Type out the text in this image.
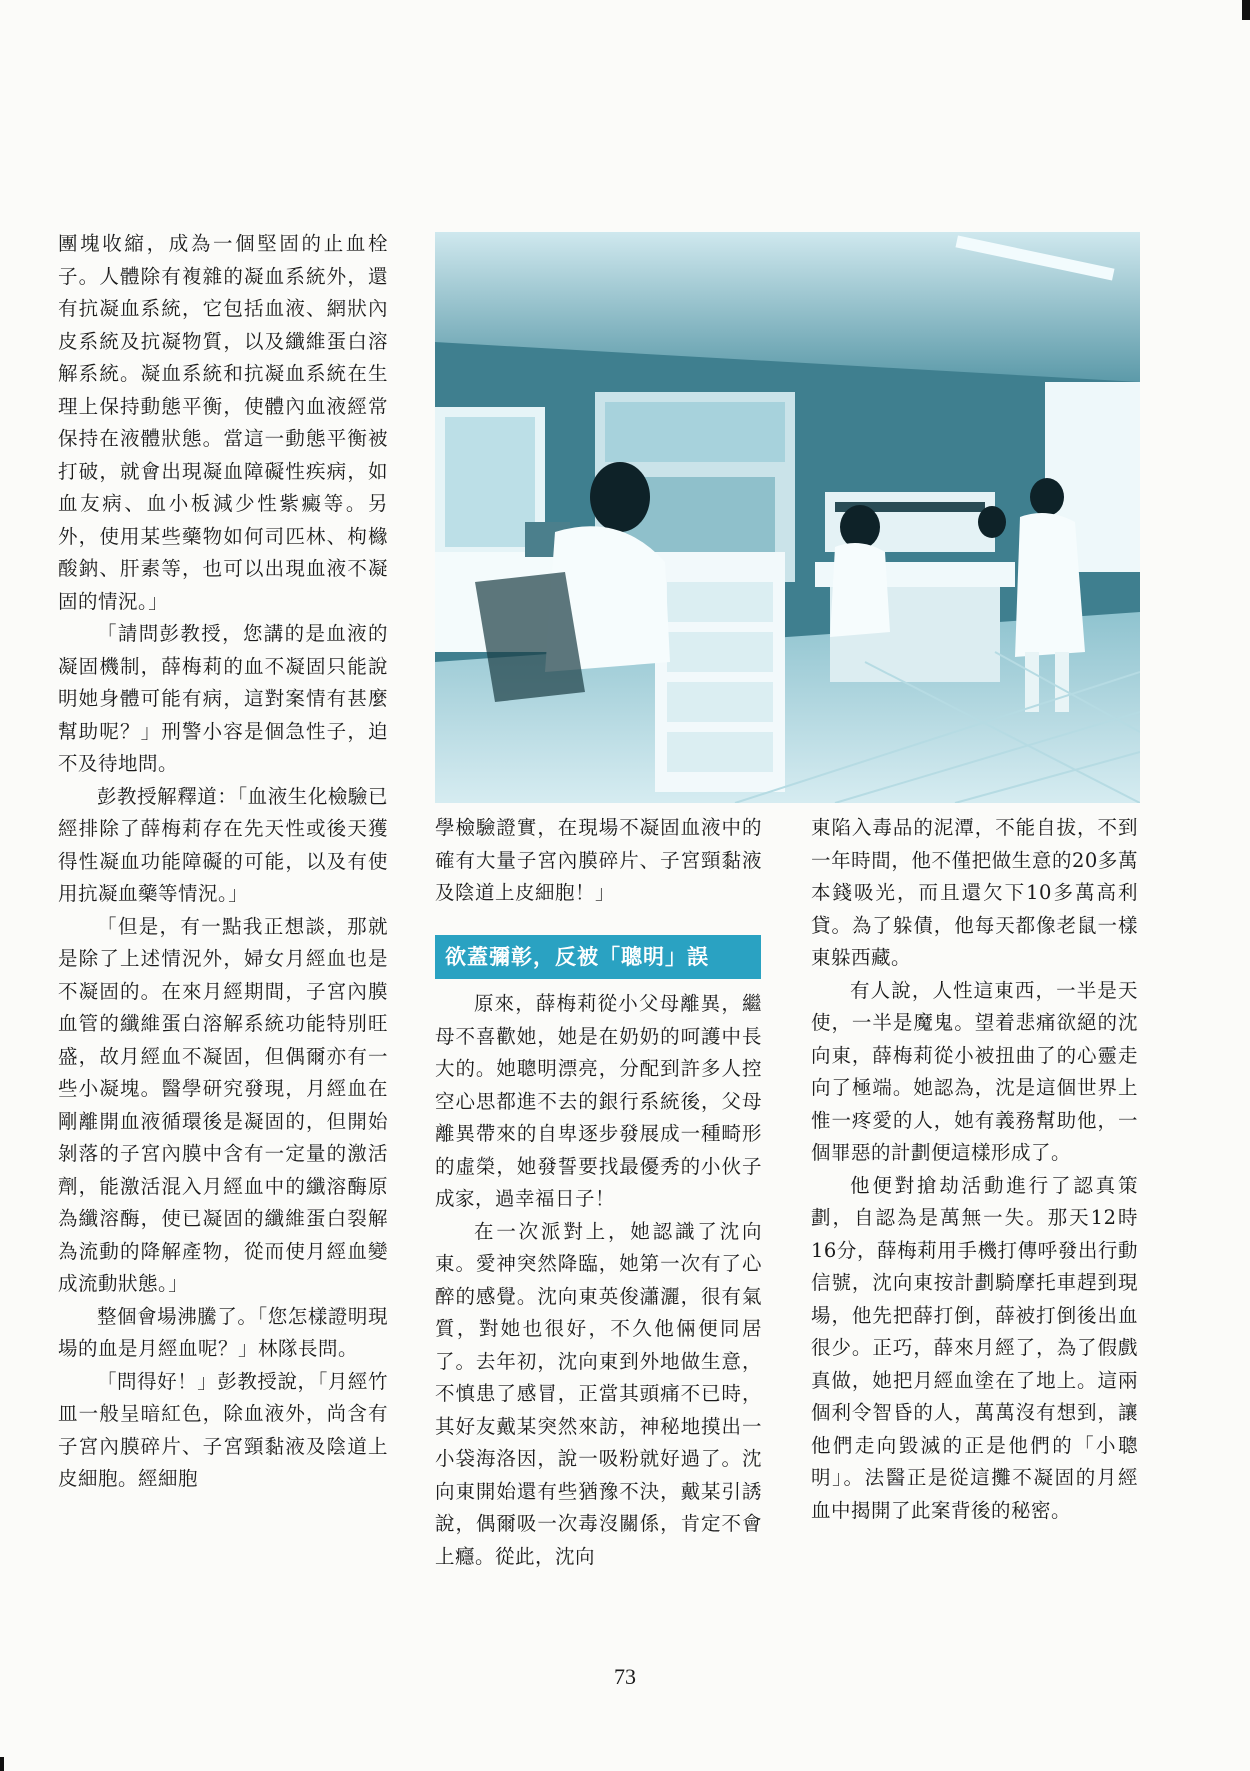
團塊收縮，成為一個堅固的止血栓子。人體除有複雜的凝血系統外，還有抗凝血系統，它包括血液、網狀內皮系統及抗凝物質，以及纖維蛋白溶解系統。凝血系統和抗凝血系統在生理上保持動態平衡，使體內血液經常保持在液體狀態。當這一動態平衡被打破，就會出現凝血障礙性疾病，如血友病、血小板減少性紫癜等。另外，使用某些藥物如何司匹林、枸櫞酸鈉、肝素等，也可以出現血液不凝固的情況。」

「請問彭教授，您講的是血液的凝固機制，薛梅莉的血不凝固只能說明她身體可能有病，這對案情有甚麼幫助呢？」刑警小容是個急性子，迫不及待地問。

彭教授解釋道：「血液生化檢驗已經排除了薛梅莉存在先天性或後天獲得性凝血功能障礙的可能，以及有使用抗凝血藥等情況。」

「但是，有一點我正想談，那就是除了上述情況外，婦女月經血也是不凝固的。在來月經期間，子宮內膜血管的纖維蛋白溶解系統功能特別旺盛，故月經血不凝固，但偶爾亦有一些小凝塊。醫學研究發現，月經血在剛離開血液循環後是凝固的，但開始剝落的子宮內膜中含有一定量的激活劑，能激活混入月經血中的纖溶酶原為纖溶酶，使已凝固的纖維蛋白裂解為流動的降解產物，從而使月經血變成流動狀態。」

整個會場沸騰了。「您怎樣證明現場的血是月經血呢？」林隊長問。

「問得好！」彭教授說，「月經竹皿一般呈暗紅色，除血液外，尚含有子宮內膜碎片、子宮頸黏液及陰道上皮細胞。經細胞

學檢驗證實，在現場不凝固血液中的確有大量子宮內膜碎片、子宮頸黏液及陰道上皮細胞！」

欲蓋彌彰，反被「聰明」誤

原來，薛梅莉從小父母離異，繼母不喜歡她，她是在奶奶的呵護中長大的。她聰明漂亮，分配到許多人控空心思都進不去的銀行系統後，父母離異帶來的自卑逐步發展成一種畸形的虛榮，她發誓要找最優秀的小伙子成家，過幸福日子！

在一次派對上，她認識了沈向東。愛神突然降臨，她第一次有了心醉的感覺。沈向東英俊瀟灑，很有氣質，對她也很好，不久他倆便同居了。去年初，沈向東到外地做生意，不慎患了感冒，正當其頭痛不已時，其好友戴某突然來訪，神秘地摸出一小袋海洛因，說一吸粉就好過了。沈向東開始還有些猶豫不決，戴某引誘說，偶爾吸一次毒沒關係，肯定不會上癮。從此，沈向

東陷入毒品的泥潭，不能自拔，不到一年時間，他不僅把做生意的20多萬本錢吸光，而且還欠下10多萬高利貸。為了躲債，他每天都像老鼠一樣東躲西藏。

有人說，人性這東西，一半是天使，一半是魔鬼。望着悲痛欲絕的沈向東，薛梅莉從小被扭曲了的心靈走向了極端。她認為，沈是這個世界上惟一疼愛的人，她有義務幫助他，一個罪惡的計劃便這樣形成了。

他便對搶劫活動進行了認真策劃，自認為是萬無一失。那天12時16分，薛梅莉用手機打傳呼發出行動信號，沈向東按計劃騎摩托車趕到現場，他先把薛打倒，薛被打倒後出血很少。正巧，薛來月經了，為了假戲真做，她把月經血塗在了地上。這兩個利令智昏的人，萬萬沒有想到，讓他們走向毀滅的正是他們的「小聰明」。法醫正是從這攤不凝固的月經血中揭開了此案背後的秘密。

73
